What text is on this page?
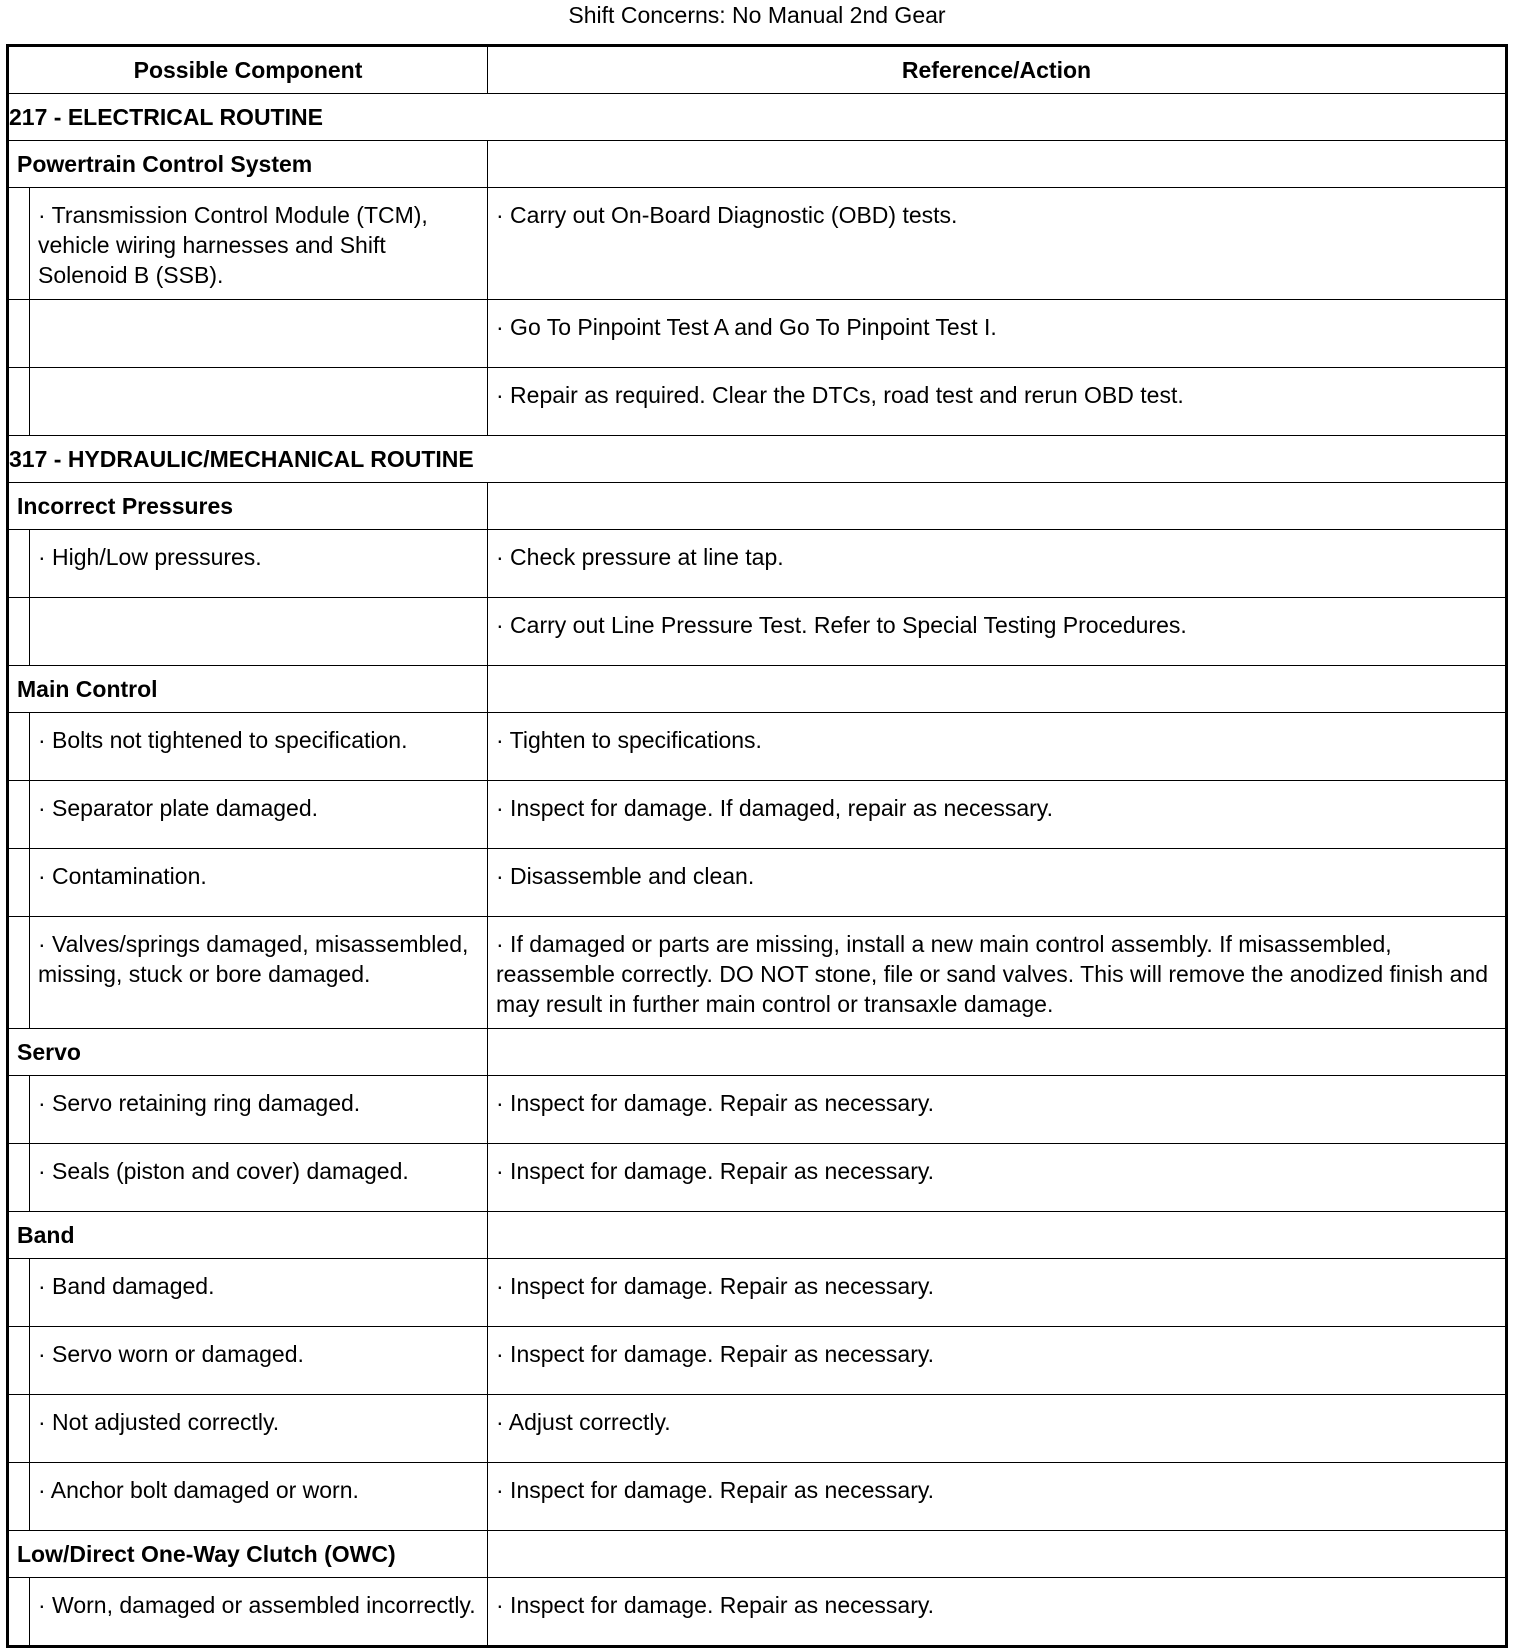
Shift Concerns: No Manual 2nd Gear
Possible Component		Reference/Action
217 - ELECTRICAL ROUTINE		
Powertrain Control System		
	· Transmission Control Module (TCM), vehicle wiring harnesses and Shift Solenoid B (SSB).	· Carry out On-Board Diagnostic (OBD) tests.
		· Go To Pinpoint Test A and Go To Pinpoint Test I.
		· Repair as required. Clear the DTCs, road test and rerun OBD test.
317 - HYDRAULIC/MECHANICAL ROUTINE		
Incorrect Pressures		
	· High/Low pressures.	· Check pressure at line tap.
		· Carry out Line Pressure Test. Refer to Special Testing Procedures.
Main Control		
	· Bolts not tightened to specification.	· Tighten to specifications.
	· Separator plate damaged.	· Inspect for damage. If damaged, repair as necessary.
	· Contamination.	· Disassemble and clean.
	· Valves/springs damaged, misassembled, missing, stuck or bore damaged.	· If damaged or parts are missing, install a new main control assembly. If misassembled, reassemble correctly. DO NOT stone, file or sand valves. This will remove the anodized finish and may result in further main control or transaxle damage.
Servo		
	· Servo retaining ring damaged.	· Inspect for damage. Repair as necessary.
	· Seals (piston and cover) damaged.	· Inspect for damage. Repair as necessary.
Band		
	· Band damaged.	· Inspect for damage. Repair as necessary.
	· Servo worn or damaged.	· Inspect for damage. Repair as necessary.
	· Not adjusted correctly.	· Adjust correctly.
	· Anchor bolt damaged or worn.	· Inspect for damage. Repair as necessary.
Low/Direct One-Way Clutch (OWC)		
	· Worn, damaged or assembled incorrectly.	· Inspect for damage. Repair as necessary.
